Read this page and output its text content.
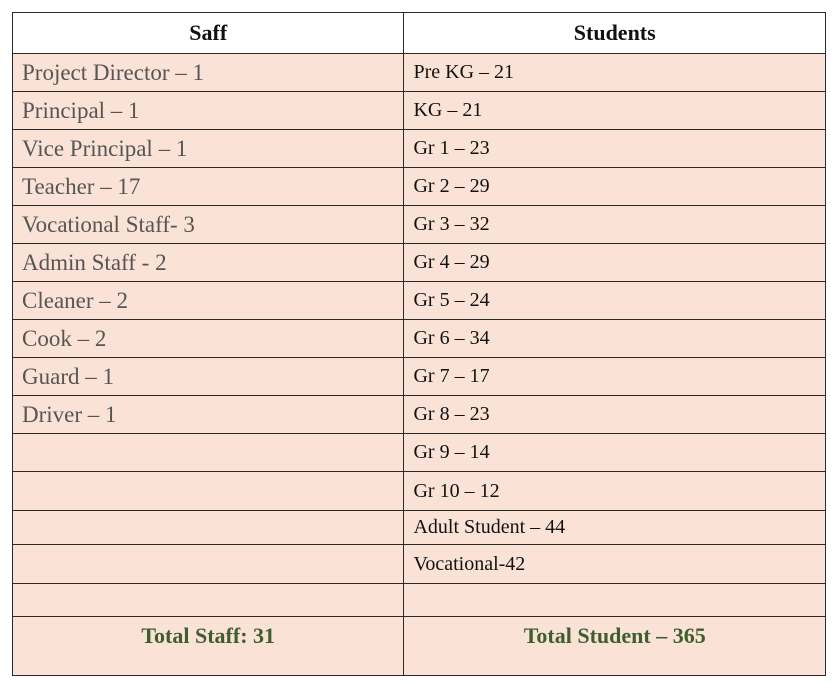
Saff	Students
Project Director – 1	Pre KG – 21
Principal – 1	KG – 21
Vice Principal – 1	Gr 1 – 23
Teacher – 17	Gr 2 – 29
Vocational Staff- 3	Gr 3 – 32
Admin Staff - 2	Gr 4 – 29
Cleaner – 2	Gr 5 – 24
Cook – 2	Gr 6 – 34
Guard – 1	Gr 7 – 17
Driver – 1	Gr 8 – 23
	Gr 9 – 14
	Gr 10 – 12
	Adult Student – 44
	Vocational-42

Total Staff: 31	Total Student – 365
